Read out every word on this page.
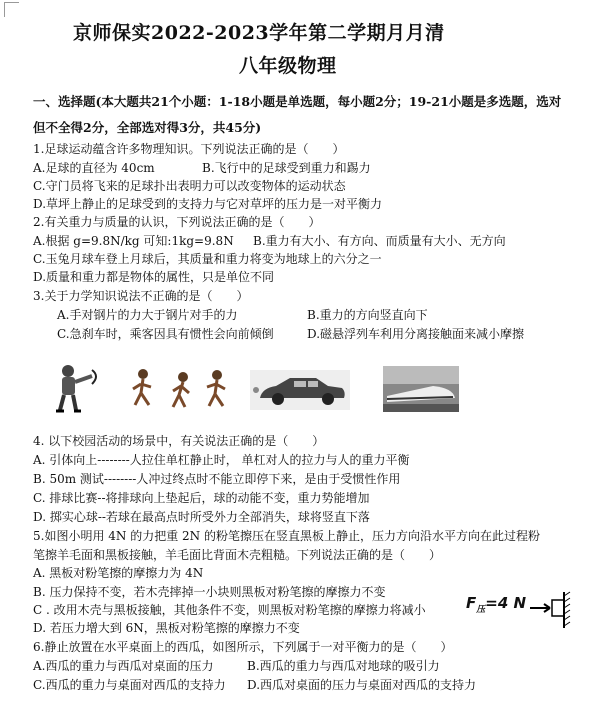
京师保实2022-2023学年第二学期月月清
八年级物理
一、选择题(本大题共21个小题：1-18小题是单选题，每小题2分；19-21小题是多选题，选对
但不全得2分，全部选对得3分，共45分)
1.足球运动蕴含许多物理知识。下列说法正确的是（　　）
A.足球的直径为 40cm	B.飞行中的足球受到重力和踢力
C.守门员将飞来的足球扑出表明力可以改变物体的运动状态
D.草坪上静止的足球受到的支持力与它对草坪的压力是一对平衡力
2.有关重力与质量的认识，下列说法正确的是（　　）
A.根据 g=9.8N/kg 可知:1kg=9.8N B.重力有大小、有方向、而质量有大小、无方向
C.玉兔月球车登上月球后，其质量和重力将变为地球上的六分之一
D.质量和重力都是物体的属性，只是单位不同
3.关于力学知识说法不正确的是（　　）
A.手对钢片的力大于钢片对手的力	B.重力的方向竖直向下
C.急刹车时，乘客因具有惯性会向前倾倒	D.磁悬浮列车利用分离接触面来减小摩擦
4. 以下校园活动的场景中，有关说法正确的是（　　）
A. 引体向上--------人拉住单杠静止时， 单杠对人的拉力与人的重力平衡
B. 50m 测试--------人冲过终点时不能立即停下来，是由于受惯性作用
C. 排球比赛--将排球向上垫起后，球的动能不变，重力势能增加
D. 掷实心球--若球在最高点时所受外力全部消失，球将竖直下落
5.如图小明用 4N 的力把重 2N 的粉笔擦压在竖直黑板上静止，压力方向沿水平方向在此过程粉
笔擦羊毛面和黑板接触，羊毛面比背面木壳粗糙。下列说法正确的是（　　）
A. 黑板对粉笔擦的摩擦力为 4N
B. 压力保持不变，若木壳摔掉一小块则黑板对粉笔擦的摩擦力不变
C . 改用木壳与黑板接触，其他条件不变，则黑板对粉笔擦的摩擦力将减小
D. 若压力增大到 6N，黑板对粉笔擦的摩擦力不变
$F_压=4$ N
6.静止放置在水平桌面上的西瓜，如图所示，下列属于一对平衡力的是（　　）
A.西瓜的重力与西瓜对桌面的压力	B.西瓜的重力与西瓜对地球的吸引力
C.西瓜的重力与桌面对西瓜的支持力 D.西瓜对桌面的压力与桌面对西瓜的支持力
